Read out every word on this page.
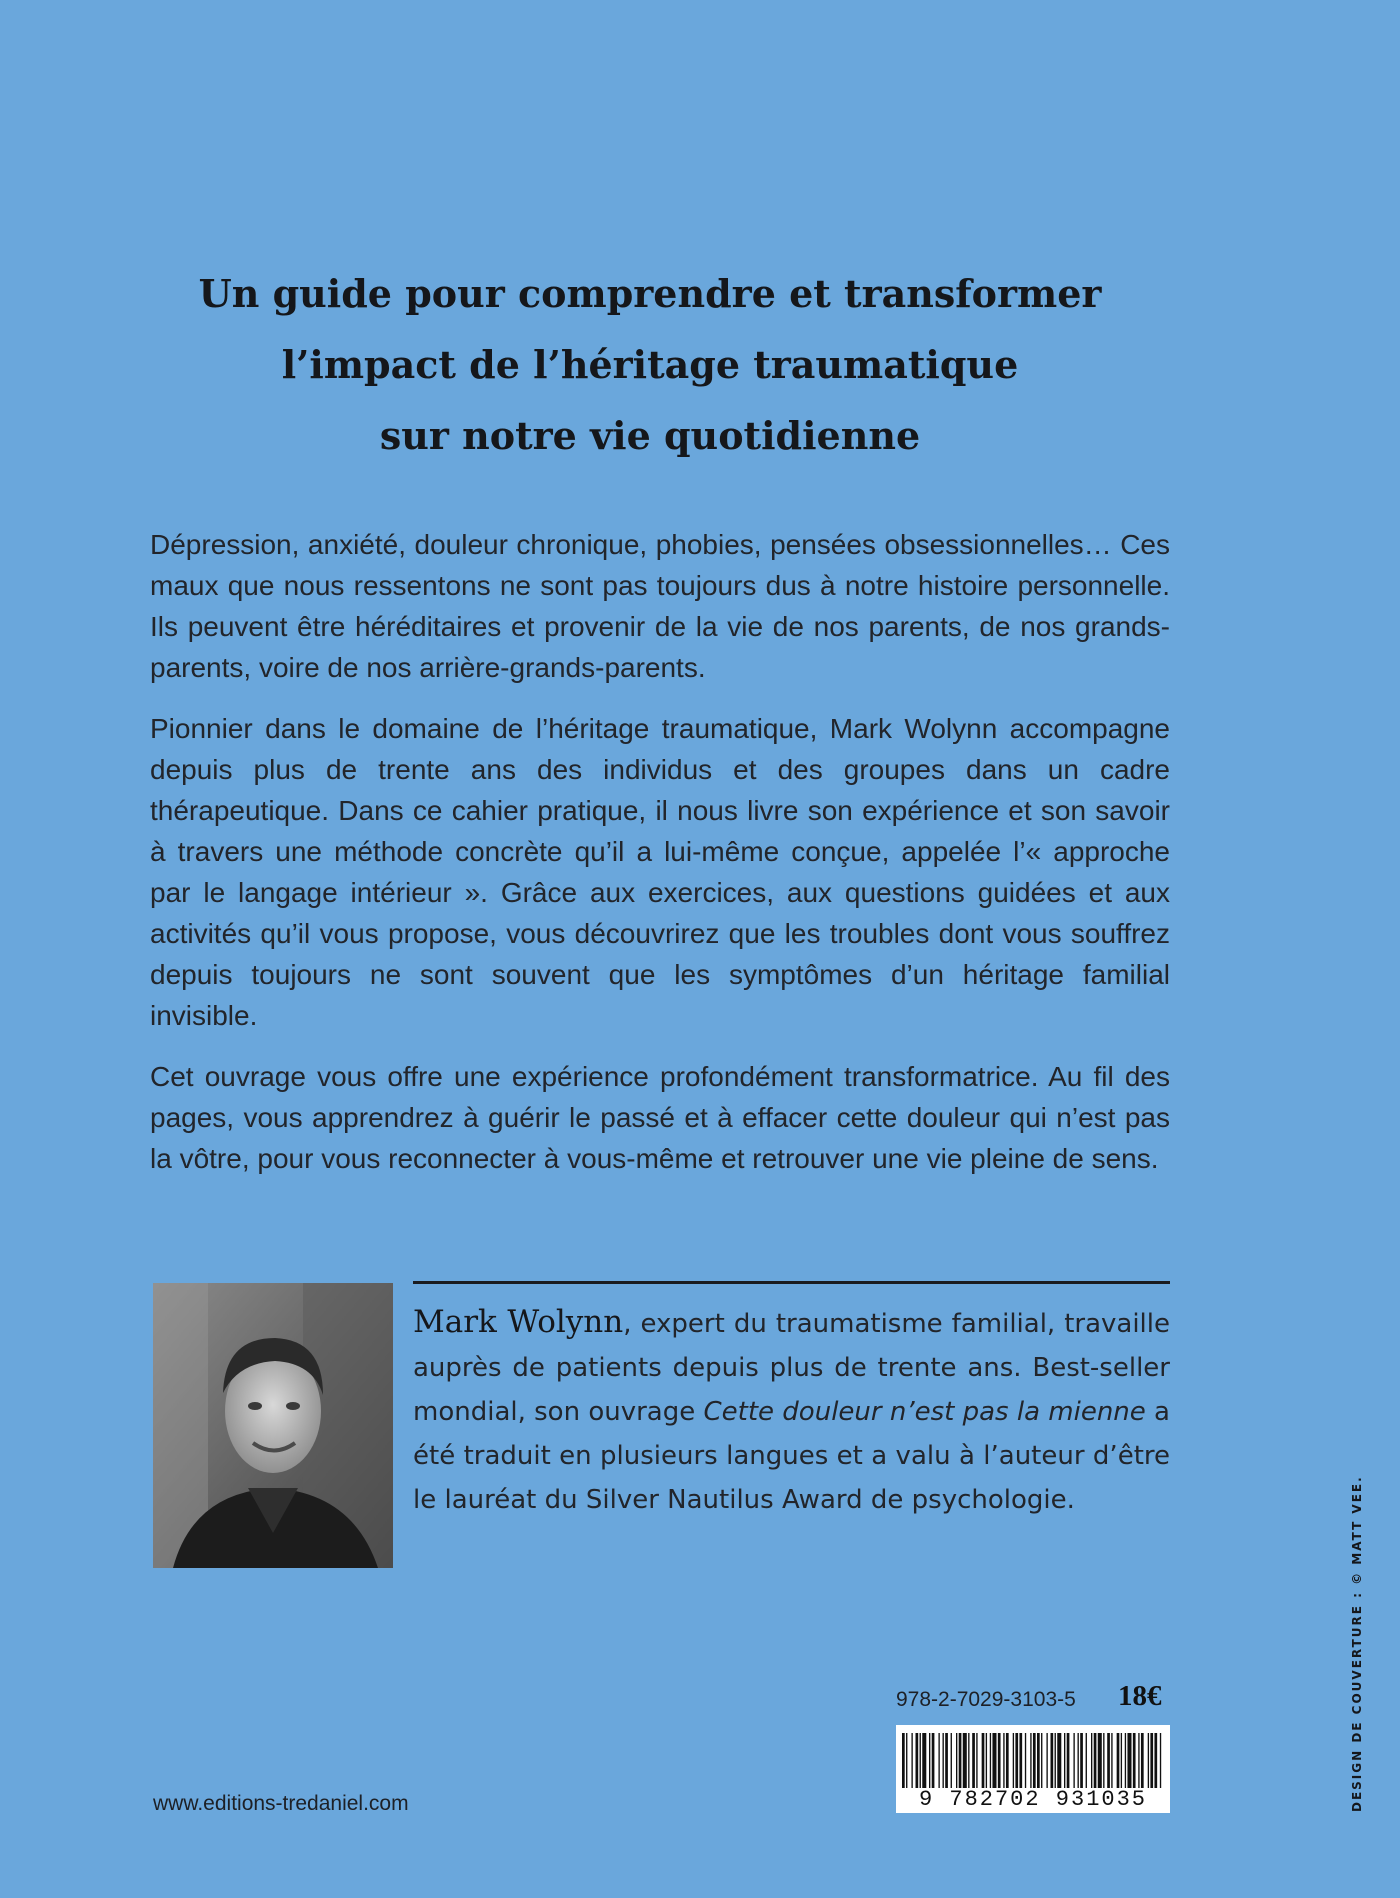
Un guide pour comprendre et transformer
l’impact de l’héritage traumatique
sur notre vie quotidienne

Dépression, anxiété, douleur chronique, phobies, pensées obsessionnelles… Ces maux que nous ressentons ne sont pas toujours dus à notre histoire personnelle. Ils peuvent être héréditaires et provenir de la vie de nos parents, de nos grands-parents, voire de nos arrière-grands-parents.

Pionnier dans le domaine de l’héritage traumatique, Mark Wolynn accompagne depuis plus de trente ans des individus et des groupes dans un cadre thérapeutique. Dans ce cahier pratique, il nous livre son expérience et son savoir à travers une méthode concrète qu’il a lui-même conçue, appelée l’« approche par le langage intérieur ». Grâce aux exercices, aux questions guidées et aux activités qu’il vous propose, vous découvrirez que les troubles dont vous souffrez depuis toujours ne sont souvent que les symptômes d’un héritage familial invisible.

Cet ouvrage vous offre une expérience profondément transformatrice. Au fil des pages, vous apprendrez à guérir le passé et à effacer cette douleur qui n’est pas la vôtre, pour vous reconnecter à vous-même et retrouver une vie pleine de sens.

Mark Wolynn, expert du traumatisme familial, travaille auprès de patients depuis plus de trente ans. Best-seller mondial, son ouvrage Cette douleur n’est pas la mienne a été traduit en plusieurs langues et a valu à l’auteur d’être le lauréat du Silver Nautilus Award de psychologie.

978-2-7029-3103-5 18€
9 782702 931035
www.editions-tredaniel.com	DESIGN DE COUVERTURE : © MATT VEE.
